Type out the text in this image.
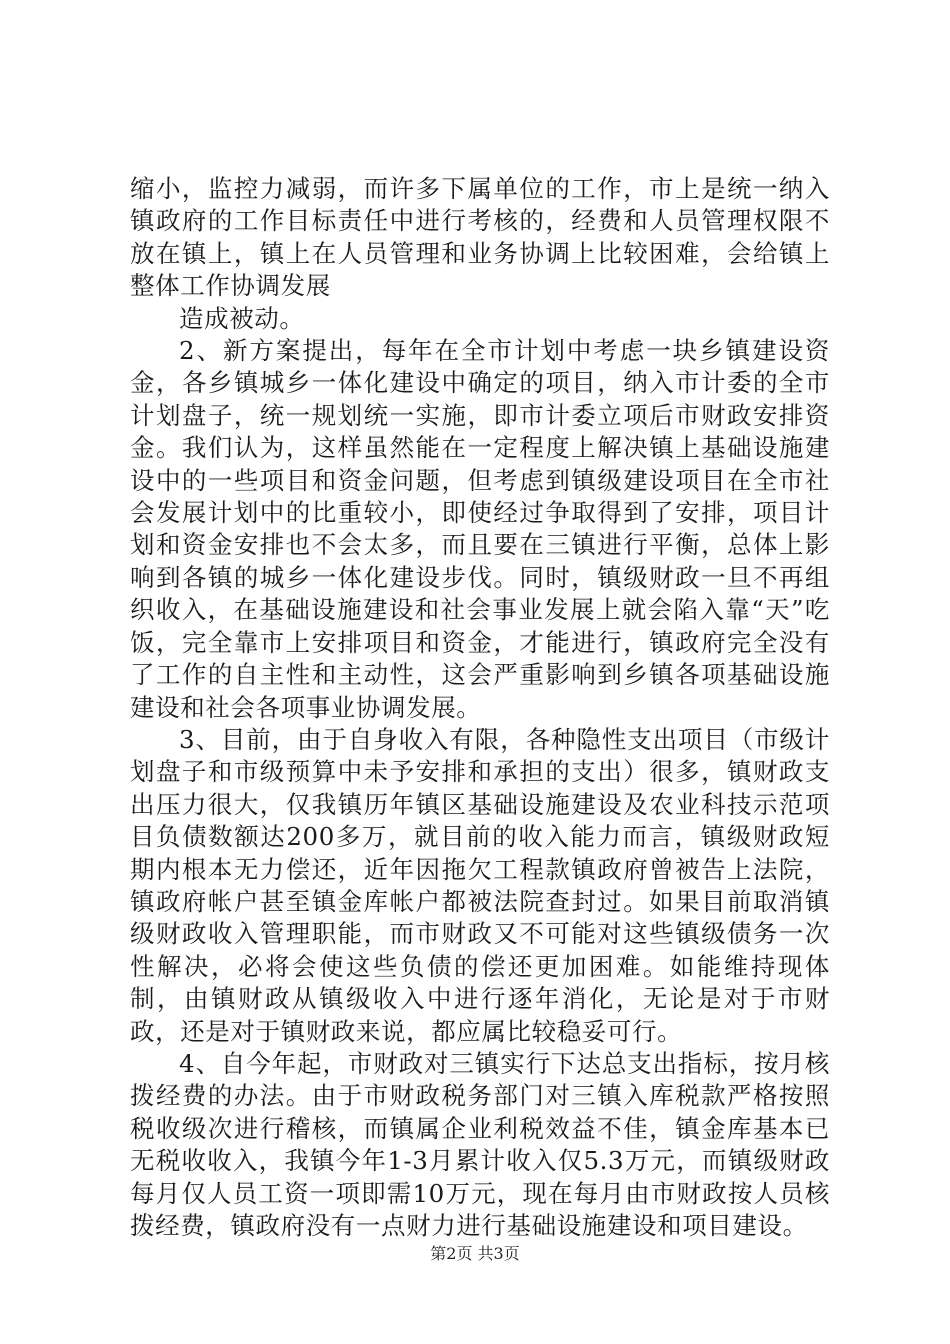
缩小，监控力减弱，而许多下属单位的工作，市上是统一纳入镇政府的工作目标责任中进行考核的，经费和人员管理权限不放在镇上，镇上在人员管理和业务协调上比较困难，会给镇上整体工作协调发展

造成被动。

2、新方案提出，每年在全市计划中考虑一块乡镇建设资金，各乡镇城乡一体化建设中确定的项目，纳入市计委的全市计划盘子，统一规划统一实施，即市计委立项后市财政安排资金。我们认为，这样虽然能在一定程度上解决镇上基础设施建设中的一些项目和资金问题，但考虑到镇级建设项目在全市社会发展计划中的比重较小，即使经过争取得到了安排，项目计划和资金安排也不会太多，而且要在三镇进行平衡，总体上影响到各镇的城乡一体化建设步伐。同时，镇级财政一旦不再组织收入，在基础设施建设和社会事业发展上就会陷入靠“天”吃饭，完全靠市上安排项目和资金，才能进行，镇政府完全没有了工作的自主性和主动性，这会严重影响到乡镇各项基础设施建设和社会各项事业协调发展。

3、目前，由于自身收入有限，各种隐性支出项目（市级计划盘子和市级预算中未予安排和承担的支出）很多，镇财政支出压力很大，仅我镇历年镇区基础设施建设及农业科技示范项目负债数额达200多万，就目前的收入能力而言，镇级财政短期内根本无力偿还，近年因拖欠工程款镇政府曾被告上法院，镇政府帐户甚至镇金库帐户都被法院查封过。如果目前取消镇级财政收入管理职能，而市财政又不可能对这些镇级债务一次性解决，必将会使这些负债的偿还更加困难。如能维持现体制，由镇财政从镇级收入中进行逐年消化，无论是对于市财政，还是对于镇财政来说，都应属比较稳妥可行。

4、自今年起，市财政对三镇实行下达总支出指标，按月核拨经费的办法。由于市财政税务部门对三镇入库税款严格按照税收级次进行稽核，而镇属企业利税效益不佳，镇金库基本已无税收收入，我镇今年1-3月累计收入仅5.3万元，而镇级财政每月仅人员工资一项即需10万元，现在每月由市财政按人员核拨经费，镇政府没有一点财力进行基础设施建设和项目建设。

第2页 共3页
